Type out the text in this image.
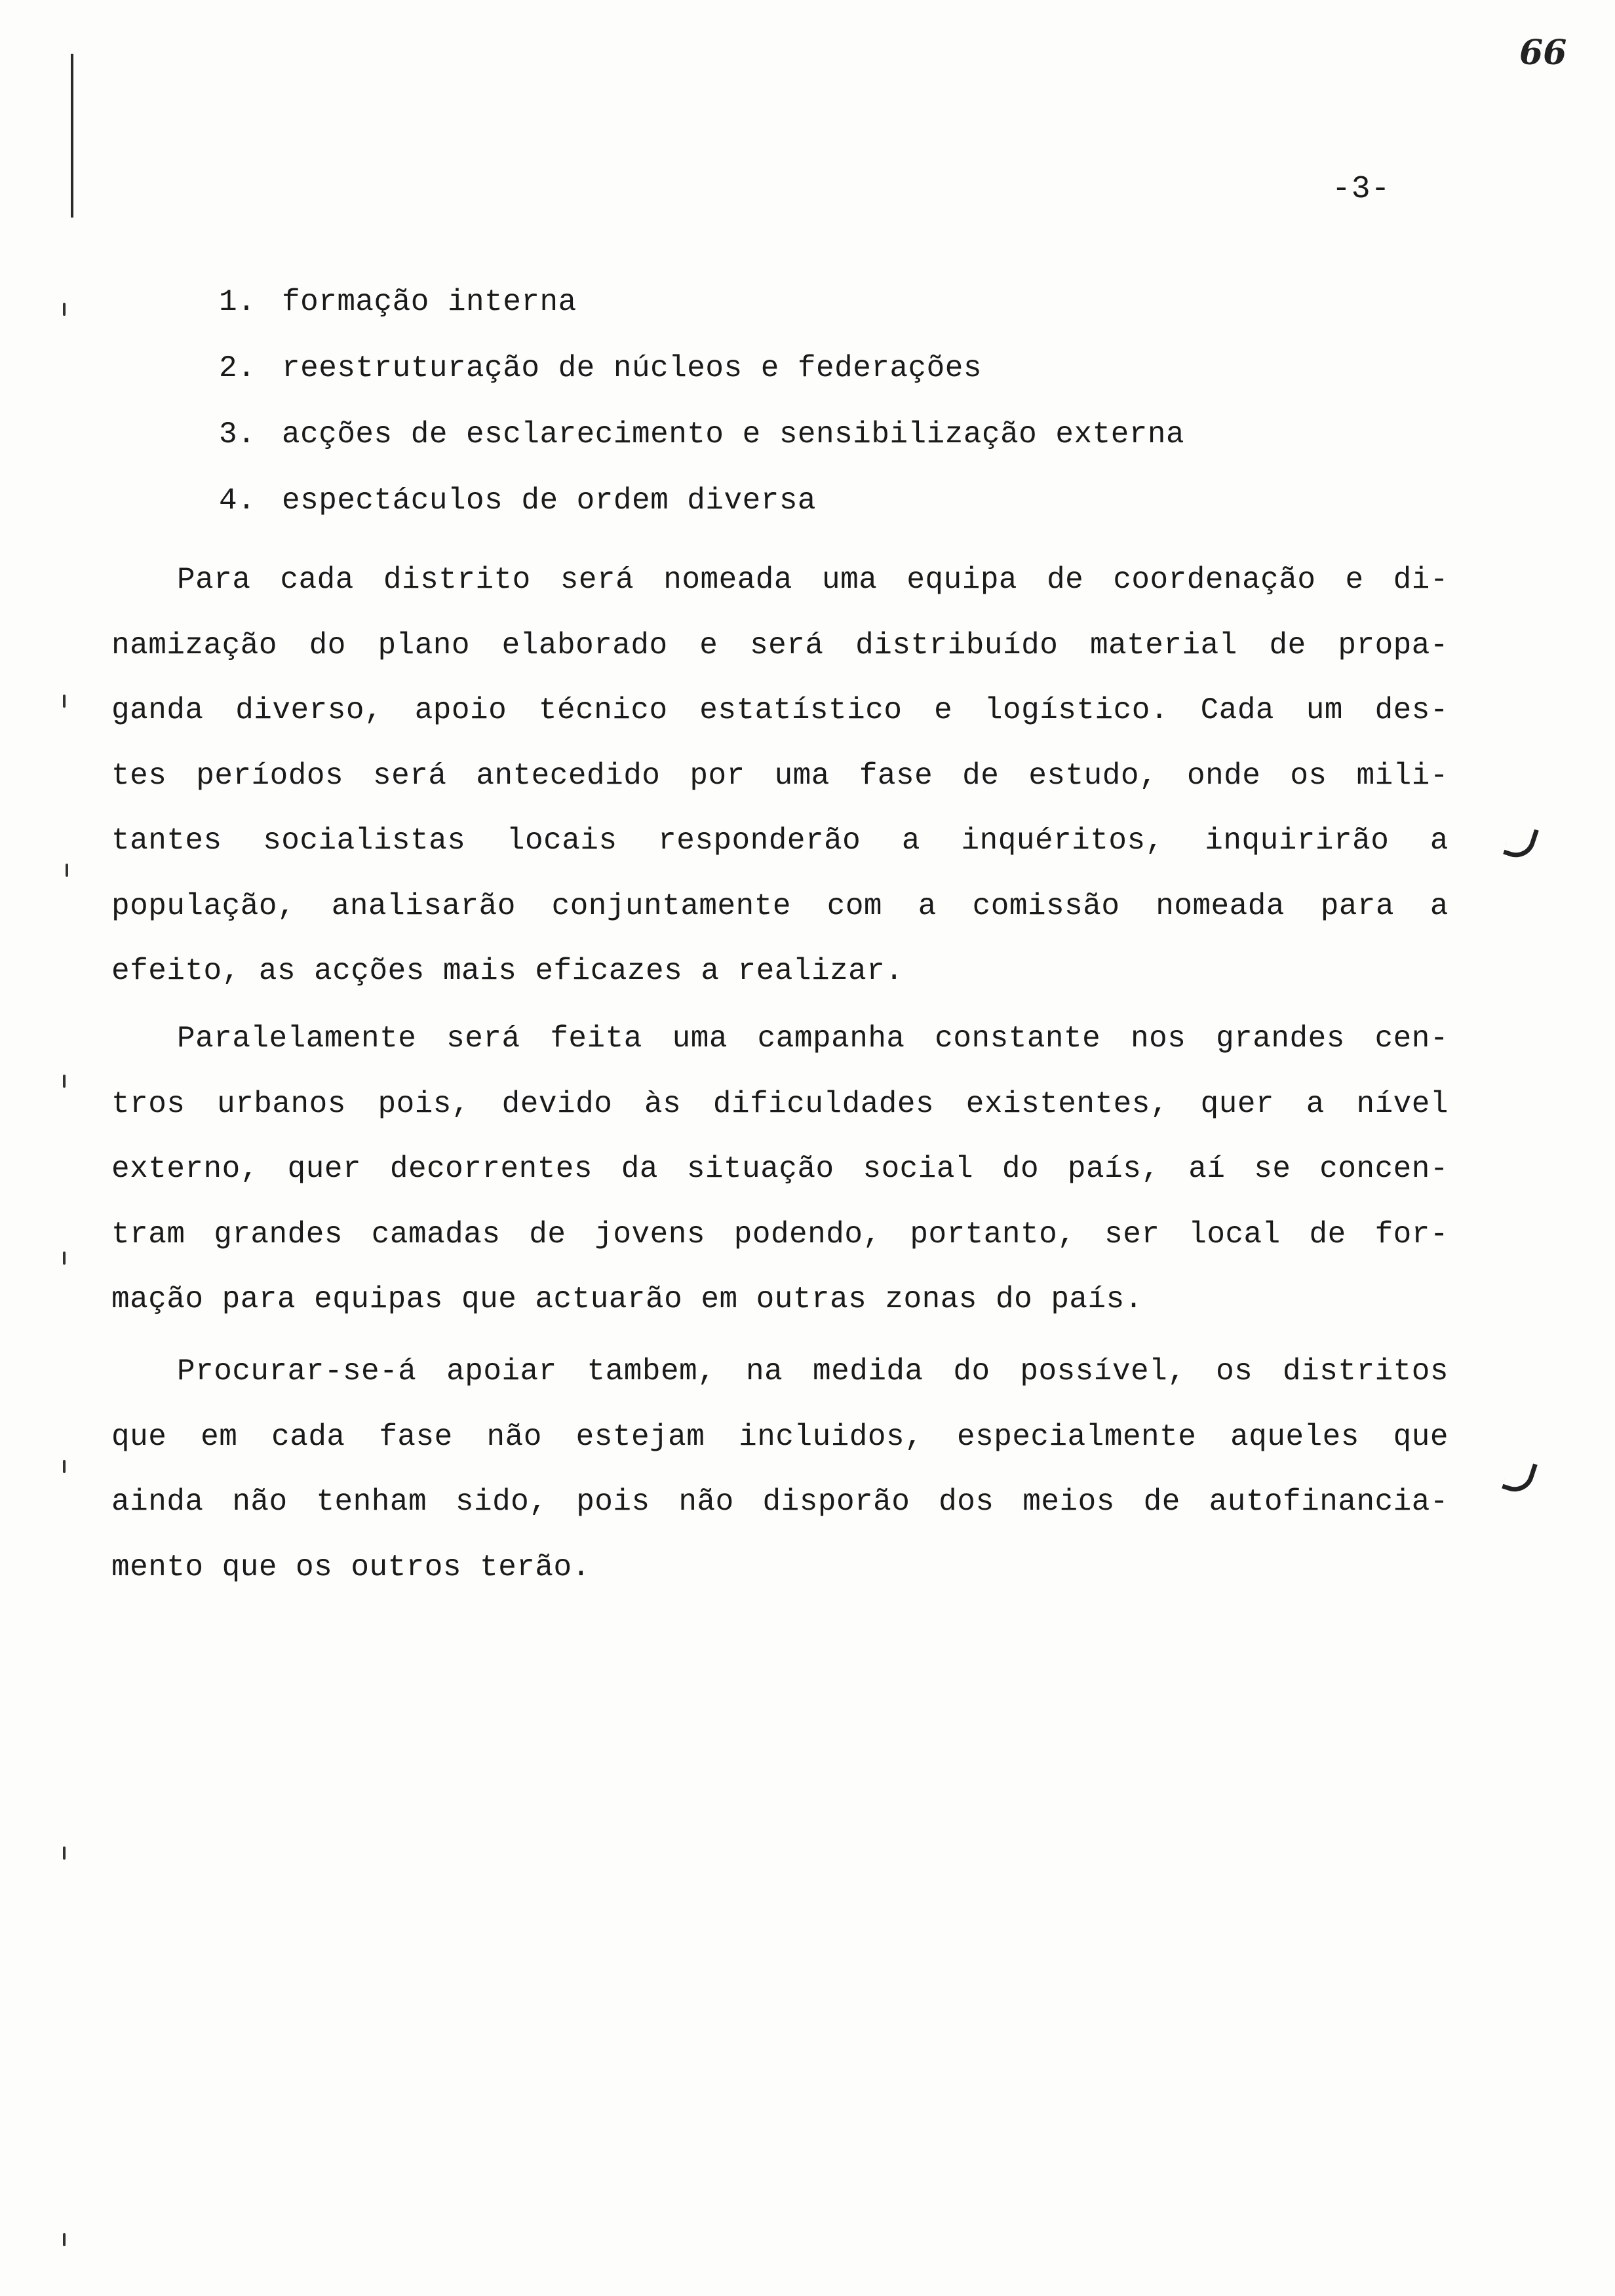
66
-3-
1. formação interna
2. reestruturação de núcleos e federações
3. acções de esclarecimento e sensibilização externa
4. espectáculos de ordem diversa
Para cada distrito será nomeada uma equipa de coordenação e di-
namização do plano elaborado e será distribuído material de propa-
ganda diverso, apoio técnico estatístico e logístico. Cada um des-
tes períodos será antecedido por uma fase de estudo, onde os mili-
tantes socialistas locais responderão a inquéritos, inquirirão a
população, analisarão conjuntamente com a comissão nomeada para a
efeito, as acções mais eficazes a realizar.
Paralelamente será feita uma campanha constante nos grandes cen-
tros urbanos pois, devido às dificuldades existentes, quer a nível
externo, quer decorrentes da situação social do país, aí se concen-
tram grandes camadas de jovens podendo, portanto, ser local de for-
mação para equipas que actuarão em outras zonas do país.
Procurar-se-á apoiar tambem, na medida do possível, os distritos
que em cada fase não estejam incluidos, especialmente aqueles que
ainda não tenham sido, pois não disporão dos meios de autofinancia-
mento que os outros terão.
